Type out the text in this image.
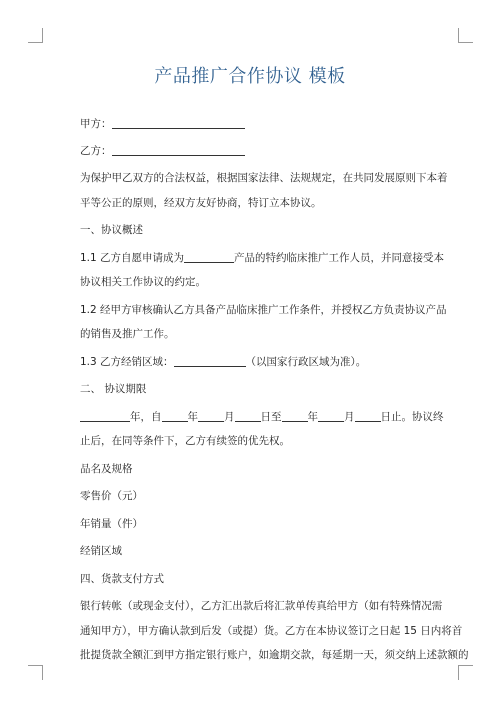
产品推广合作协议 模板

甲方：

乙方：

为保护甲乙双方的合法权益，根据国家法律、法规规定，在共同发展原则下本着

平等公正的原则，经双方友好协商，特订立本协议。

一、协议概述

1.1 乙方自愿申请成为	产品的特约临床推广工作人员，并同意接受本

协议相关工作协议的约定。

1.2 经甲方审核确认乙方具备产品临床推广工作条件，并授权乙方负责协议产品

的销售及推广工作。

1.3 乙方经销区域：	（以国家行政区域为准）。

二、 协议期限

年，自 年 月 日至 年 月 日止。协议终

止后，在同等条件下，乙方有续签的优先权。

品名及规格

零售价（元）

年销量（件）

经销区域

四、货款支付方式

银行转帐（或现金支付），乙方汇出款后将汇款单传真给甲方（如有特殊情况需

通知甲方），甲方确认款到后发（或提）货。乙方在本协议签订之日起 15 日内将首

批提货款全额汇到甲方指定银行账户，如逾期交款，每延期一天，须交纳上述款额的
